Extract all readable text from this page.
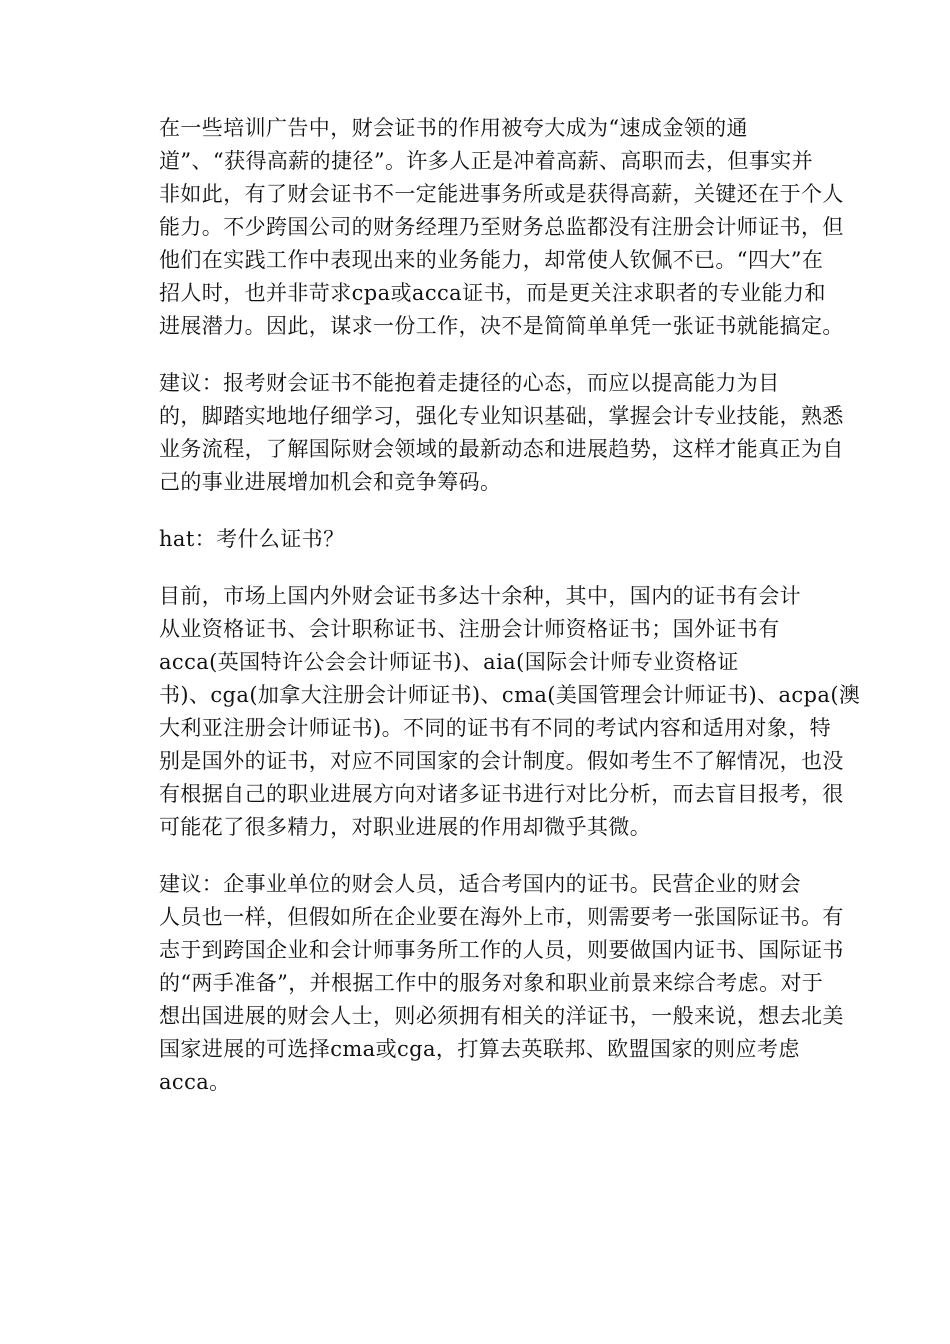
在一些培训广告中，财会证书的作用被夸大成为“速成金领的通
道”、“获得高薪的捷径”。许多人正是冲着高薪、高职而去，但事实并
非如此，有了财会证书不一定能进事务所或是获得高薪，关键还在于个人
能力。不少跨国公司的财务经理乃至财务总监都没有注册会计师证书，但
他们在实践工作中表现出来的业务能力，却常使人钦佩不已。“四大”在
招人时，也并非苛求cpa或acca证书，而是更关注求职者的专业能力和
进展潜力。因此，谋求一份工作，决不是简简单单凭一张证书就能搞定。

建议：报考财会证书不能抱着走捷径的心态，而应以提高能力为目
的，脚踏实地地仔细学习，强化专业知识基础，掌握会计专业技能，熟悉
业务流程，了解国际财会领域的最新动态和进展趋势，这样才能真正为自
己的事业进展增加机会和竞争筹码。

hat：考什么证书？

目前，市场上国内外财会证书多达十余种，其中，国内的证书有会计
从业资格证书、会计职称证书、注册会计师资格证书；国外证书有
acca(英国特许公会会计师证书)、aia(国际会计师专业资格证
书)、cga(加拿大注册会计师证书)、cma(美国管理会计师证书)、acpa(澳
大利亚注册会计师证书)。不同的证书有不同的考试内容和适用对象，特
别是国外的证书，对应不同国家的会计制度。假如考生不了解情况，也没
有根据自己的职业进展方向对诸多证书进行对比分析，而去盲目报考，很
可能花了很多精力，对职业进展的作用却微乎其微。

建议：企事业单位的财会人员，适合考国内的证书。民营企业的财会
人员也一样，但假如所在企业要在海外上市，则需要考一张国际证书。有
志于到跨国企业和会计师事务所工作的人员，则要做国内证书、国际证书
的“两手准备”，并根据工作中的服务对象和职业前景来综合考虑。对于
想出国进展的财会人士，则必须拥有相关的洋证书，一般来说，想去北美
国家进展的可选择cma或cga，打算去英联邦、欧盟国家的则应考虑
acca。
